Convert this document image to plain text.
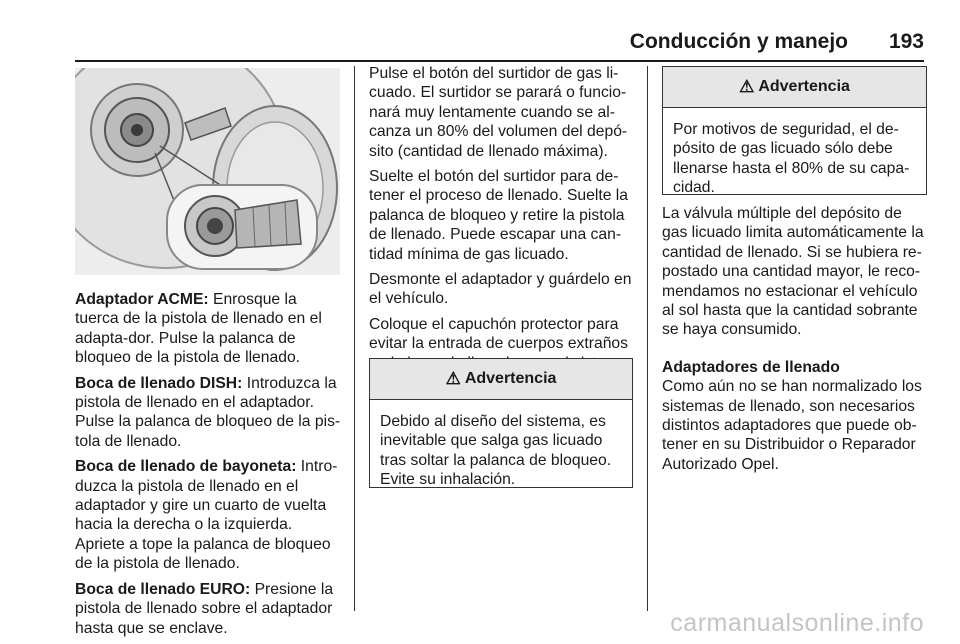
Conducción y manejo 193

Adaptador ACME: Enrosque la tuerca de la pistola de llenado en el adapta‐dor. Pulse la palanca de bloqueo de la pistola de llenado.

Boca de llenado DISH: Introduzca la pistola de llenado en el adaptador. Pulse la palanca de bloqueo de la pis‐tola de llenado.

Boca de llenado de bayoneta: Intro‐duzca la pistola de llenado en el adaptador y gire un cuarto de vuelta hacia la derecha o la izquierda. Apriete a tope la palanca de bloqueo de la pistola de llenado.

Boca de llenado EURO: Presione la pistola de llenado sobre el adaptador hasta que se enclave.

Pulse el botón del surtidor de gas li‐cuado. El surtidor se parará o funcio‐nará muy lentamente cuando se al‐canza un 80% del volumen del depó‐sito (cantidad de llenado máxima).

Suelte el botón del surtidor para de‐tener el proceso de llenado. Suelte la palanca de bloqueo y retire la pistola de llenado. Puede escapar una can‐tidad mínima de gas licuado.

Desmonte el adaptador y guárdelo en el vehículo.

Coloque el capuchón protector para evitar la entrada de cuerpos extraños

⚠ Advertencia
Debido al diseño del sistema, es inevitable que salga gas licuado tras soltar la palanca de bloqueo. Evite su inhalación.
⚠ Advertencia
Por motivos de seguridad, el de‐pósito de gas licuado sólo debe llenarse hasta el 80% de su capa‐cidad.

La válvula múltiple del depósito de gas licuado limita automáticamente la cantidad de llenado. Si se hubiera re‐postado una cantidad mayor, le reco‐mendamos no estacionar el vehículo al sol hasta que la cantidad sobrante se haya consumido.

Adaptadores de llenado
Como aún no se han normalizado los sistemas de llenado, son necesarios distintos adaptadores que puede ob‐tener en su Distribuidor o Reparador Autorizado Opel.

carmanualsonline.info
